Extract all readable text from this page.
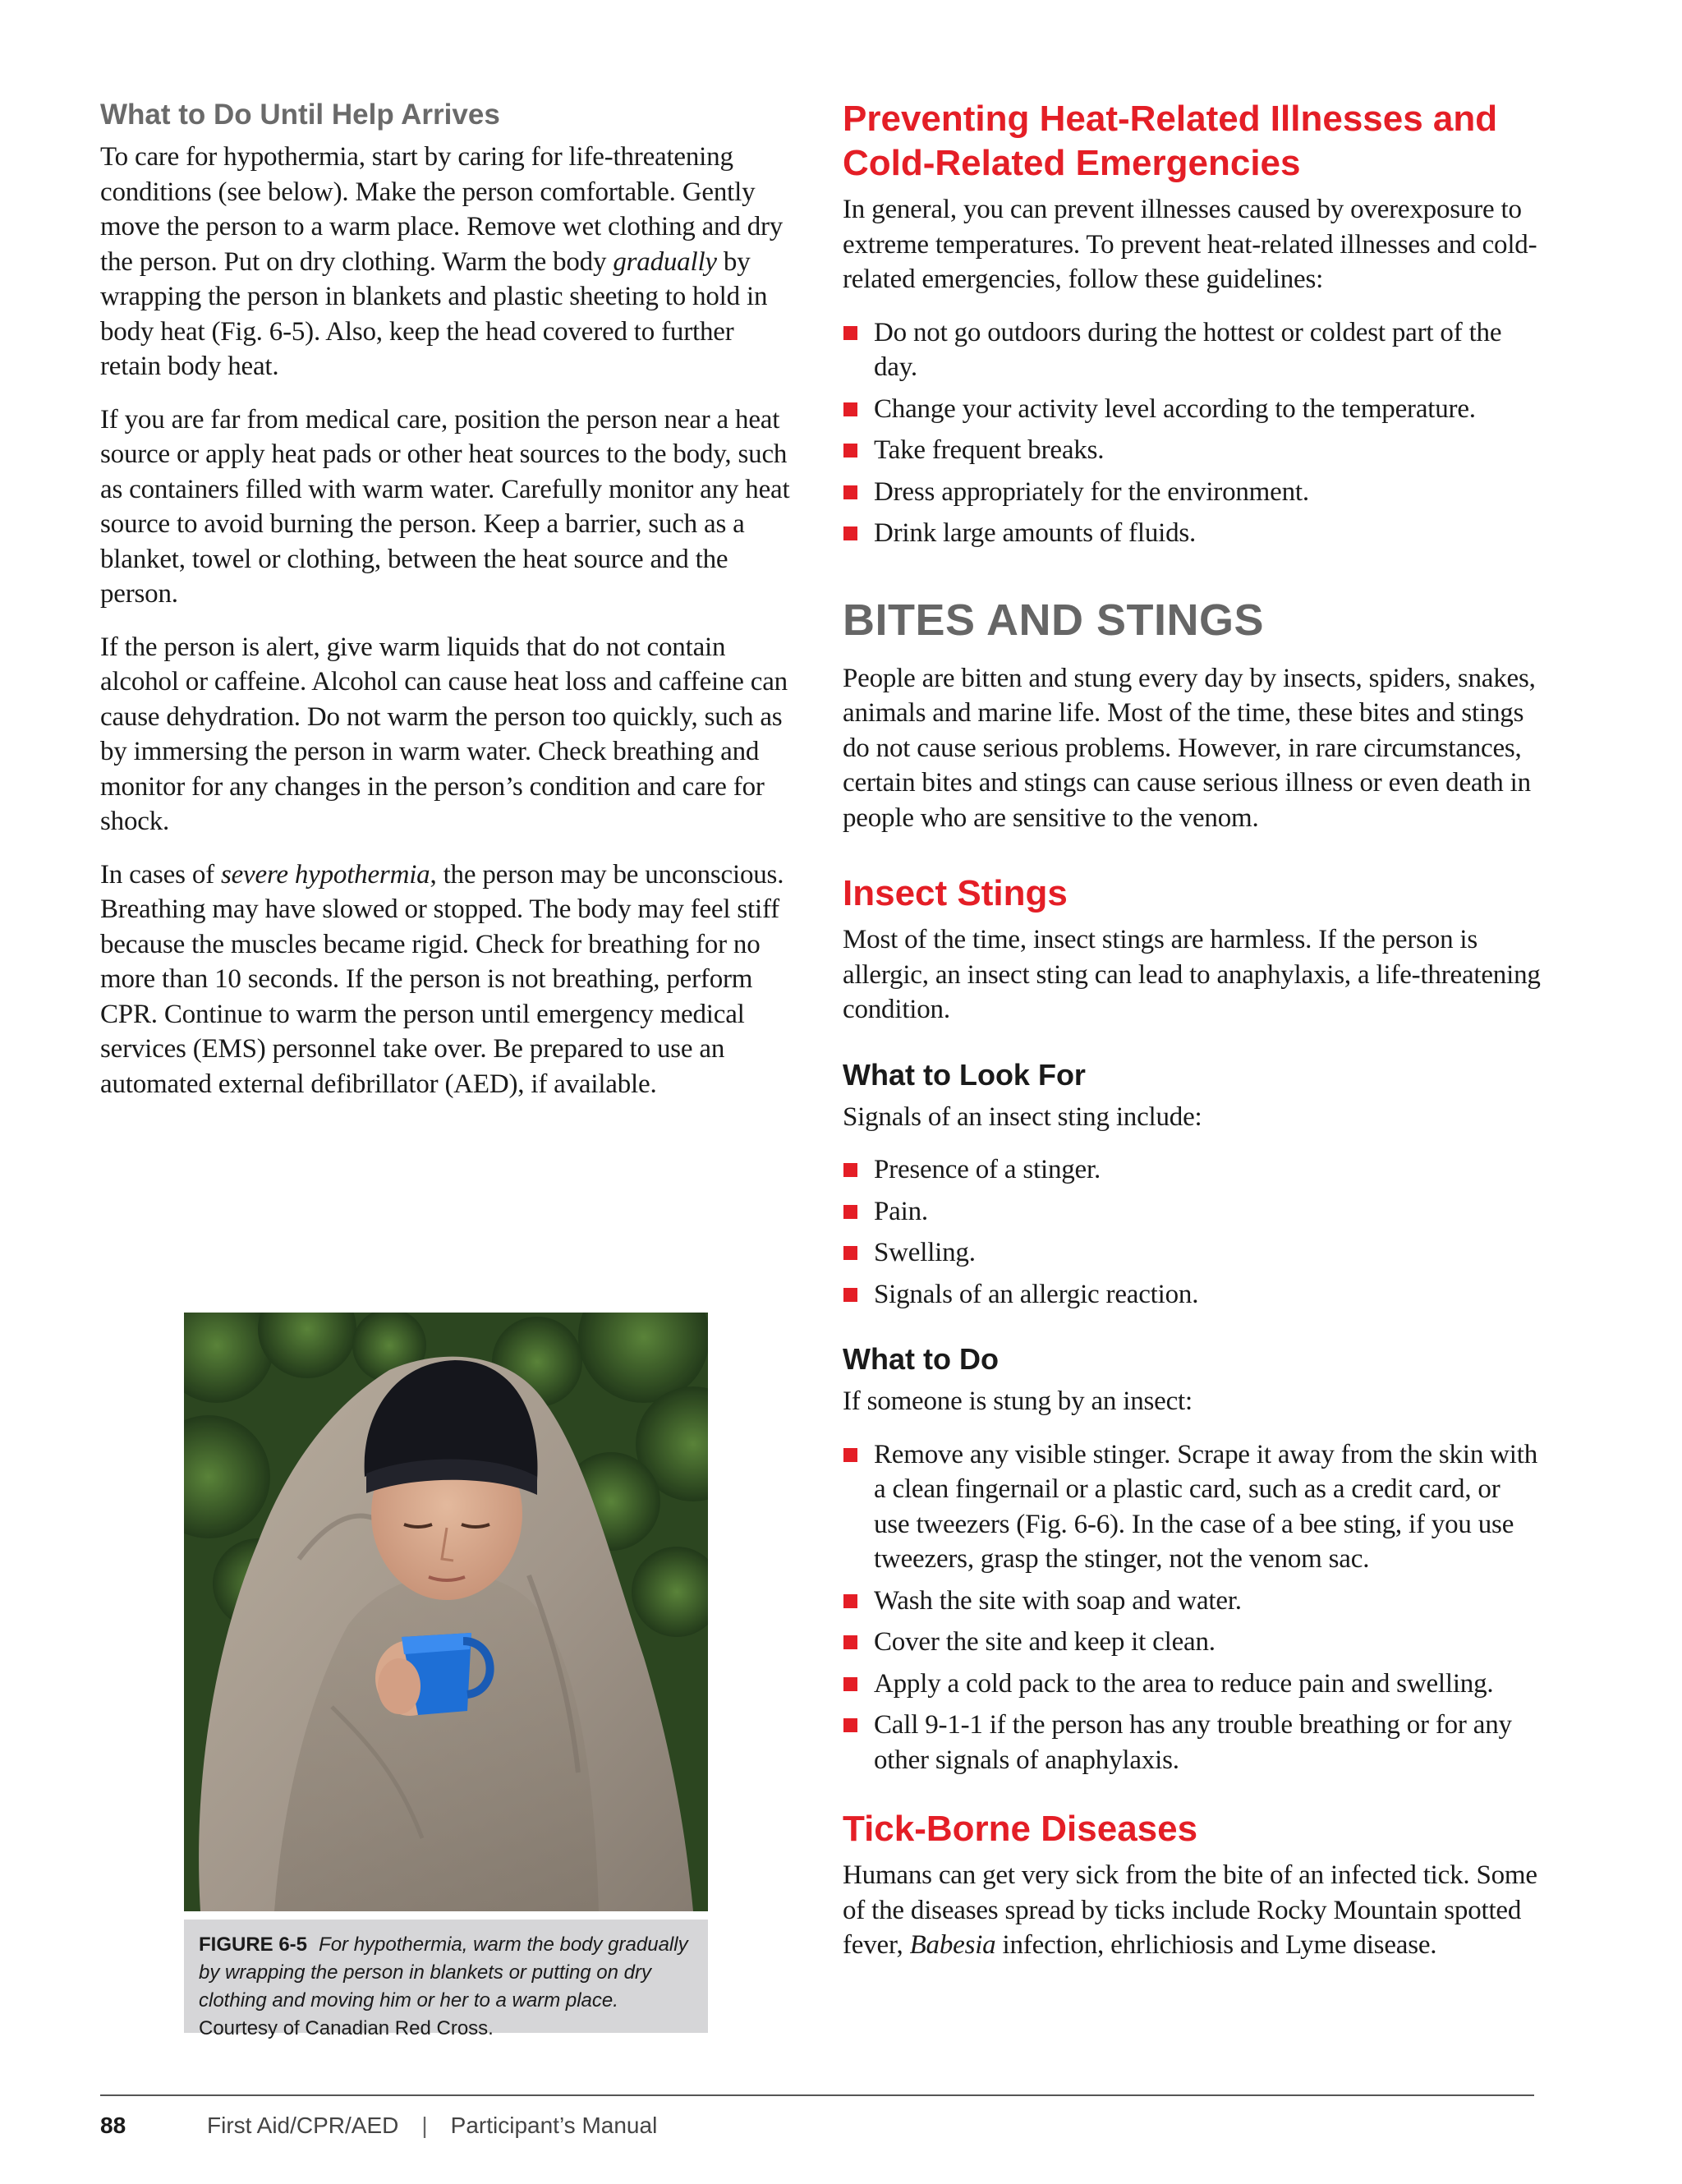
What to Do Until Help Arrives

To care for hypothermia, start by caring for life-threatening conditions (see below). Make the person comfortable. Gently move the person to a warm place. Remove wet clothing and dry the person. Put on dry clothing. Warm the body gradually by wrapping the person in blankets and plastic sheeting to hold in body heat (Fig. 6-5). Also, keep the head covered to further retain body heat.

If you are far from medical care, position the person near a heat source or apply heat pads or other heat sources to the body, such as containers filled with warm water. Carefully monitor any heat source to avoid burning the person. Keep a barrier, such as a blanket, towel or clothing, between the heat source and the person.

If the person is alert, give warm liquids that do not contain alcohol or caffeine. Alcohol can cause heat loss and caffeine can cause dehydration. Do not warm the person too quickly, such as by immersing the person in warm water. Check breathing and monitor for any changes in the person’s condition and care for shock.

In cases of severe hypothermia, the person may be unconscious. Breathing may have slowed or stopped. The body may feel stiff because the muscles became rigid. Check for breathing for no more than 10 seconds. If the person is not breathing, perform CPR. Continue to warm the person until emergency medical services (EMS) personnel take over. Be prepared to use an automated external defibrillator (AED), if available.

FIGURE 6-5 For hypothermia, warm the body gradually by wrapping the person in blankets or putting on dry clothing and moving him or her to a warm place. Courtesy of Canadian Red Cross.
Preventing Heat-Related Illnesses and Cold-Related Emergencies

In general, you can prevent illnesses caused by overexposure to extreme temperatures. To prevent heat-related illnesses and cold-related emergencies, follow these guidelines:

Do not go outdoors during the hottest or coldest part of the day.
Change your activity level according to the temperature.
Take frequent breaks.
Dress appropriately for the environment.
Drink large amounts of fluids.
BITES AND STINGS

People are bitten and stung every day by insects, spiders, snakes, animals and marine life. Most of the time, these bites and stings do not cause serious problems. However, in rare circumstances, certain bites and stings can cause serious illness or even death in people who are sensitive to the venom.

Insect Stings

Most of the time, insect stings are harmless. If the person is allergic, an insect sting can lead to anaphylaxis, a life-threatening condition.

What to Look For

Signals of an insect sting include:

Presence of a stinger.
Pain.
Swelling.
Signals of an allergic reaction.
What to Do

If someone is stung by an insect:

Remove any visible stinger. Scrape it away from the skin with a clean fingernail or a plastic card, such as a credit card, or use tweezers (Fig. 6-6). In the case of a bee sting, if you use tweezers, grasp the stinger, not the venom sac.
Wash the site with soap and water.
Cover the site and keep it clean.
Apply a cold pack to the area to reduce pain and swelling.
Call 9-1-1 if the person has any trouble breathing or for any other signals of anaphylaxis.
Tick-Borne Diseases

Humans can get very sick from the bite of an infected tick. Some of the diseases spread by ticks include Rocky Mountain spotted fever, Babesia infection, ehrlichiosis and Lyme disease.

88	First Aid/CPR/AED | Participant’s Manual
